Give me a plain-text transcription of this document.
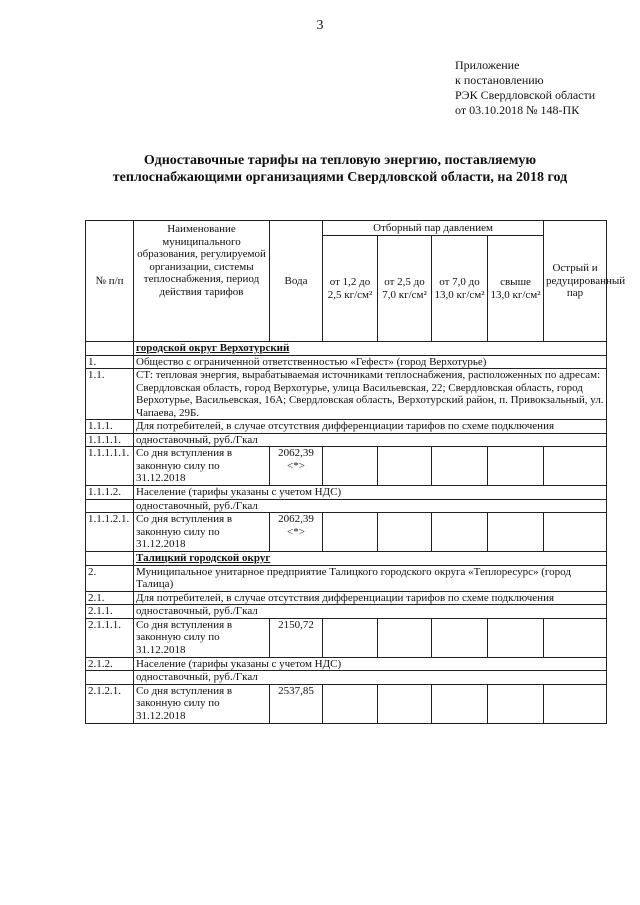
3
Приложение
к постановлению
РЭК Свердловской области
от 03.10.2018 № 148-ПК
Одноставочные тарифы на тепловую энергию, поставляемую
теплоснабжающими организациями Свердловской области, на 2018 год
№ п/п	Наименование муниципального образования, регулируемой организации, системы теплоснабжения, период действия тарифов	Вода	Отборный пар давлением				Острый и редуцированный пар
			от 1,2 до 2,5 кг/см²	от 2,5 до 7,0 кг/см²	от 7,0 до 13,0 кг/см²	свыше 13,0 кг/см²	
	городской округ Верхотурский						
1.	Общество с ограниченной ответственностью «Гефест» (город Верхотурье)						
1.1.	СТ: тепловая энергия, вырабатываемая источниками теплоснабжения, расположенных по адресам: Свердловская область, город Верхотурье, улица Васильевская, 22; Свердловская область, город Верхотурье, Васильевская, 16А; Свердловская область, Верхотурский район, п. Привокзальный, ул. Чапаева, 29Б.						
1.1.1.	Для потребителей, в случае отсутствия дифференциации тарифов по схеме подключения						
1.1.1.1.	одноставочный, руб./Гкал						
1.1.1.1.1.	Со дня вступления в законную силу по 31.12.2018	2062,39 <*>					
1.1.1.2.	Население (тарифы указаны с учетом НДС)						
	одноставочный, руб./Гкал						
1.1.1.2.1.	Со дня вступления в законную силу по 31.12.2018	2062,39 <*>					
	Талицкий городской округ						
2.	Муниципальное унитарное предприятие Талицкого городского округа «Теплоресурс» (город Талица)						
2.1.	Для потребителей, в случае отсутствия дифференциации тарифов по схеме подключения						
2.1.1.	одноставочный, руб./Гкал						
2.1.1.1.	Со дня вступления в законную силу по 31.12.2018	2150,72					
2.1.2.	Население (тарифы указаны с учетом НДС)						
	одноставочный, руб./Гкал						
2.1.2.1.	Со дня вступления в законную силу по 31.12.2018	2537,85					
